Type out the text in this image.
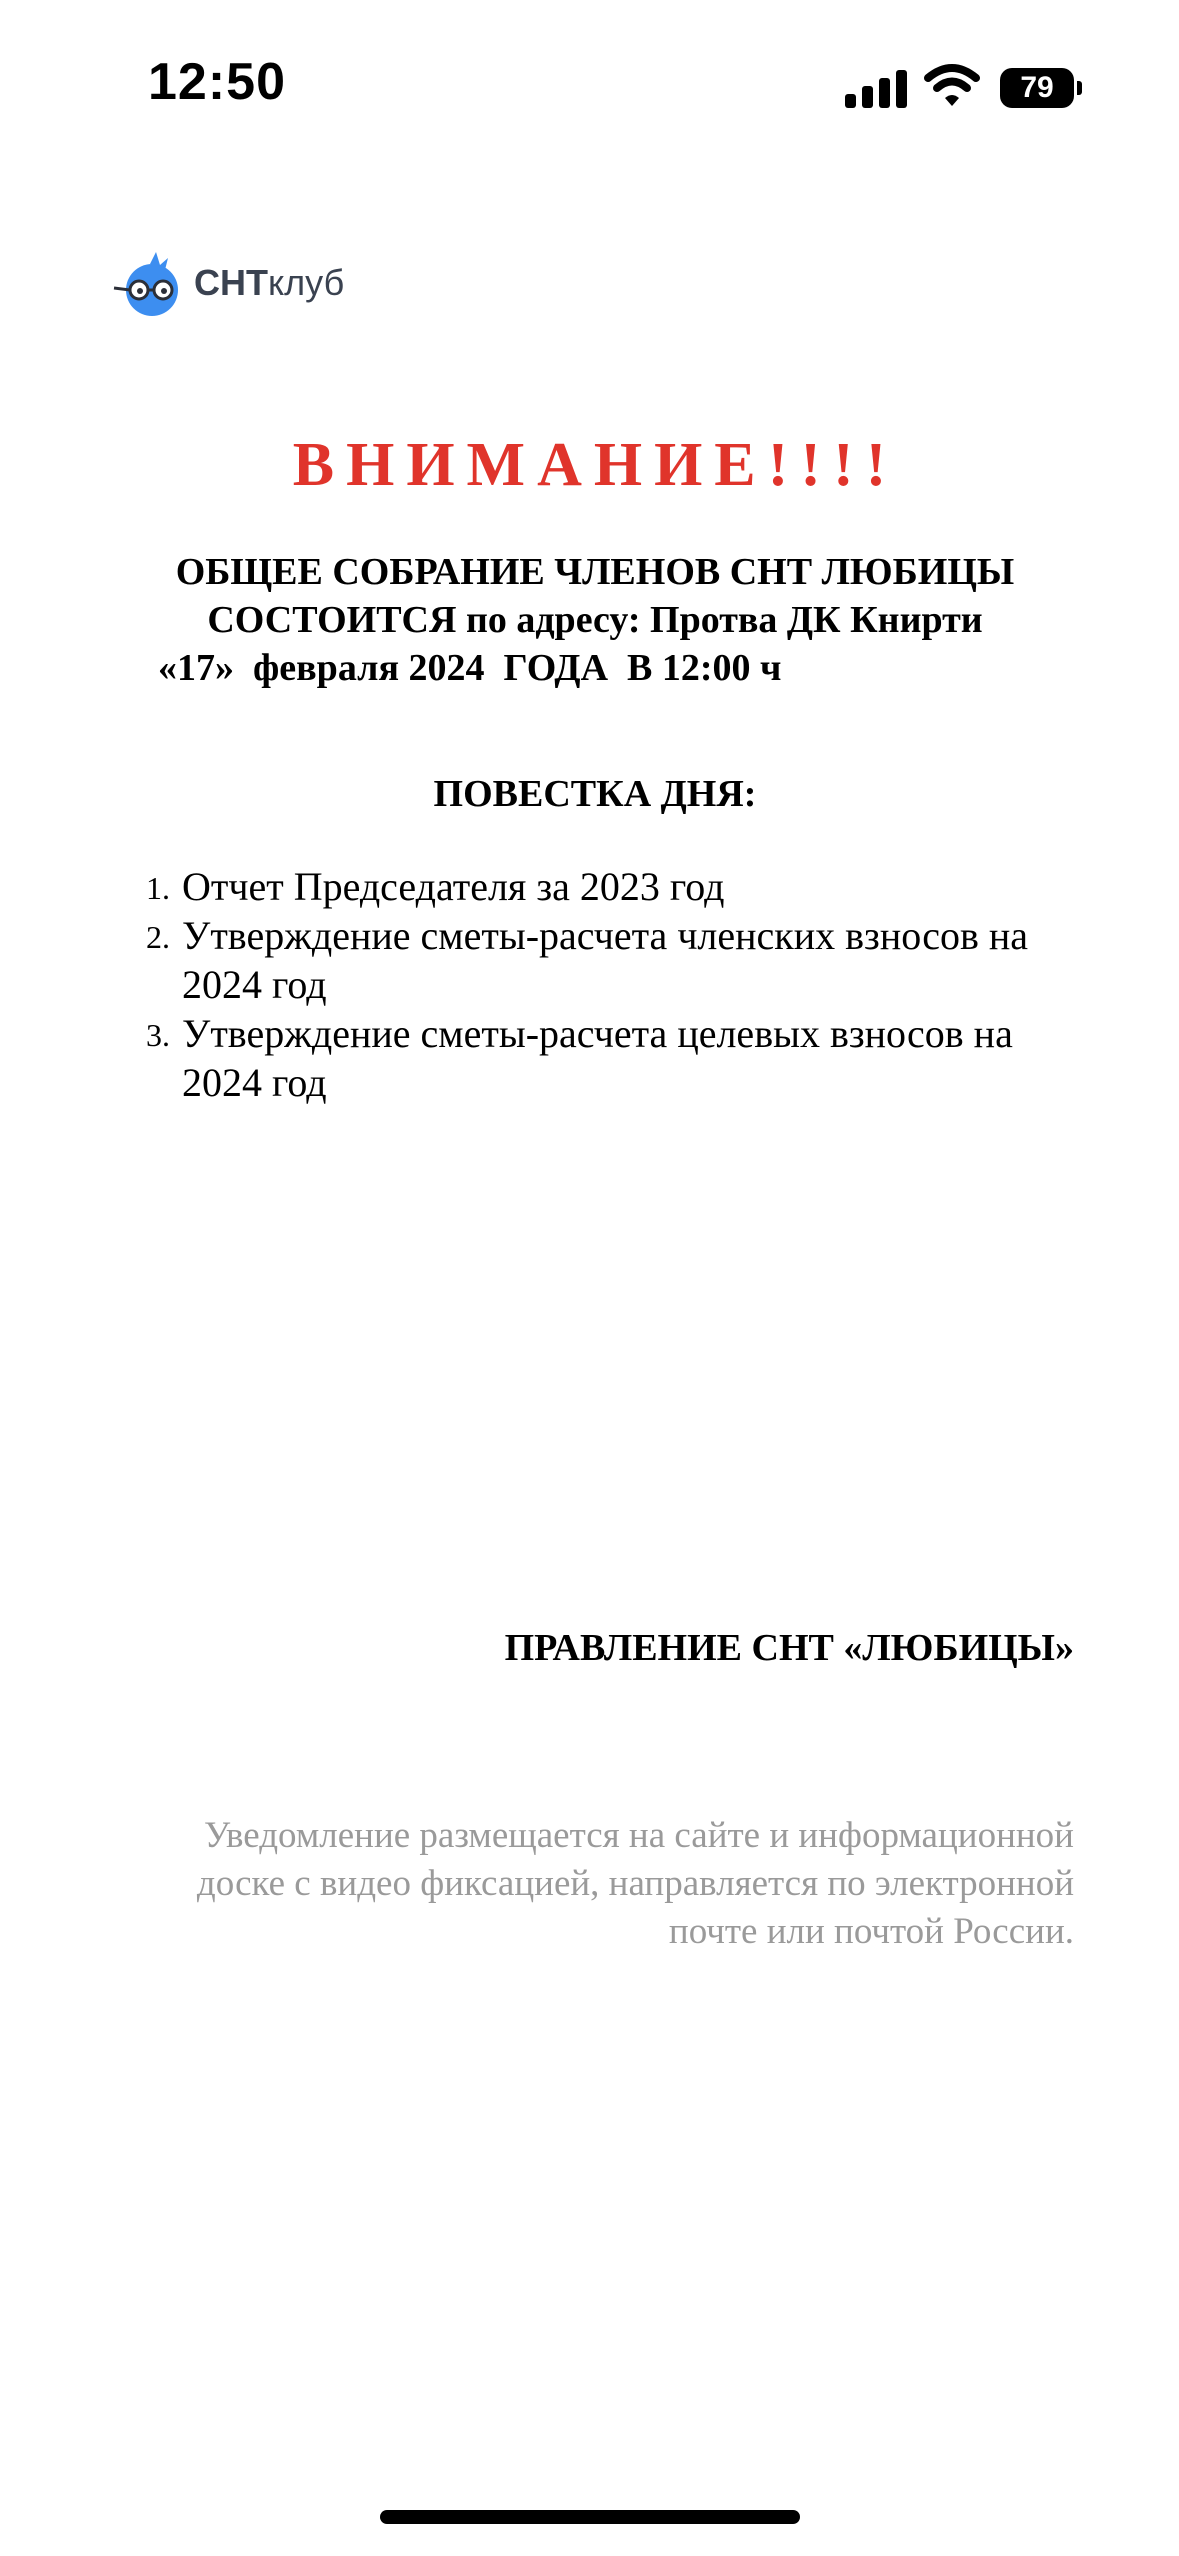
12:50	79
СНТклуб
ВНИМАНИЕ!!!!
ОБЩЕЕ СОБРАНИЕ ЧЛЕНОВ СНТ ЛЮБИЦЫ
СОСТОИТСЯ по адресу: Протва ДК Книрти
«17»  февраля 2024  ГОДА  В 12:00 ч
ПОВЕСТКА ДНЯ:
1. Отчет Председателя за 2023 год
2. Утверждение сметы-расчета членских взносов на 2024 год
3. Утверждение сметы-расчета целевых взносов на 2024 год
ПРАВЛЕНИЕ СНТ «ЛЮБИЦЫ»
Уведомление размещается на сайте и информационной
доске с видео фиксацией, направляется по электронной
почте или почтой России.
